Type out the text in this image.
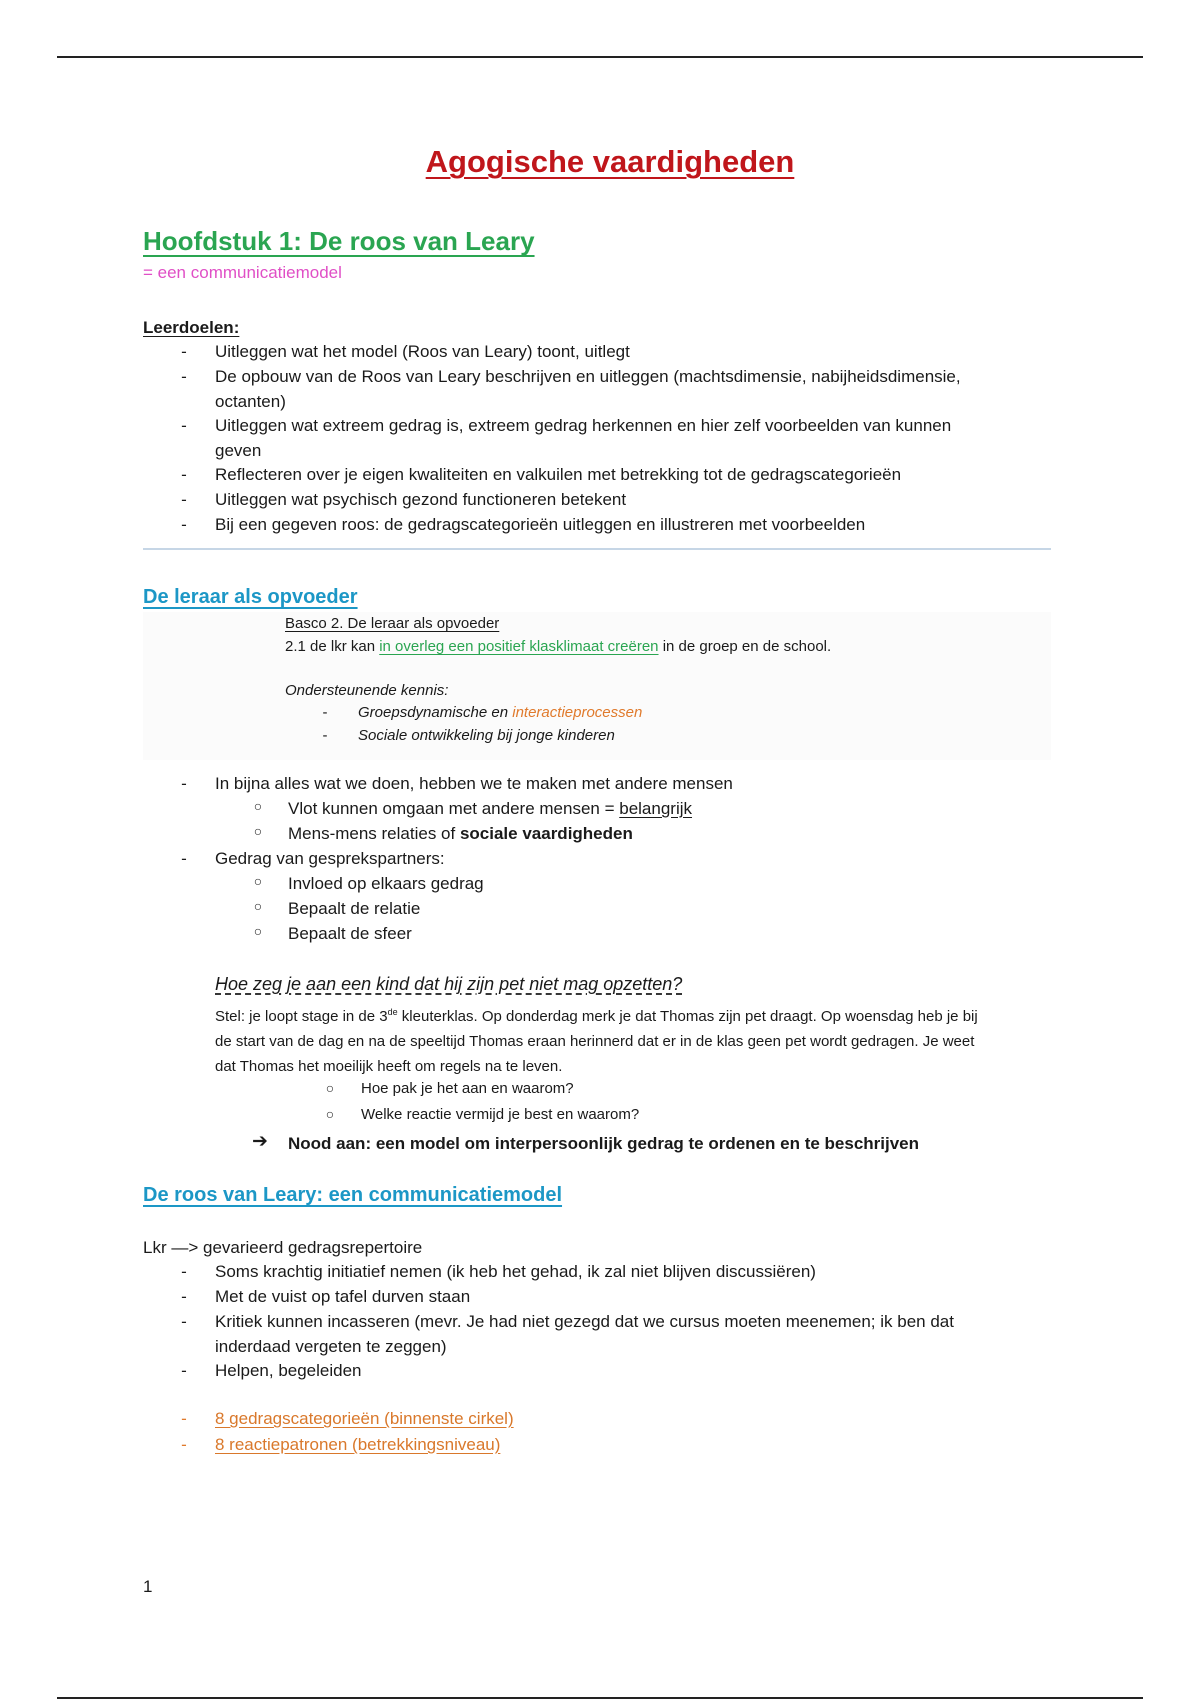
Agogische vaardigheden
Hoofdstuk 1: De roos van Leary
= een communicatiemodel
Leerdoelen:
- Uitleggen wat het model (Roos van Leary) toont, uitlegt
- De opbouw van de Roos van Leary beschrijven en uitleggen (machtsdimensie, nabijheidsdimensie,
octanten)
- Uitleggen wat extreem gedrag is, extreem gedrag herkennen en hier zelf voorbeelden van kunnen
geven
- Reflecteren over je eigen kwaliteiten en valkuilen met betrekking tot de gedragscategorieën
- Uitleggen wat psychisch gezond functioneren betekent
- Bij een gegeven roos: de gedragscategorieën uitleggen en illustreren met voorbeelden
De leraar als opvoeder
Basco 2. De leraar als opvoeder
2.1 de lkr kan in overleg een positief klasklimaat creëren in de groep en de school.
Ondersteunende kennis:
- Groepsdynamische en interactieprocessen
- Sociale ontwikkeling bij jonge kinderen
- In bijna alles wat we doen, hebben we te maken met andere mensen
○ Vlot kunnen omgaan met andere mensen = belangrijk
○ Mens-mens relaties of sociale vaardigheden
- Gedrag van gesprekspartners:
○ Invloed op elkaars gedrag
○ Bepaalt de relatie
○ Bepaalt de sfeer
Hoe zeg je aan een kind dat hij zijn pet niet mag opzetten?
Stel: je loopt stage in de 3de kleuterklas. Op donderdag merk je dat Thomas zijn pet draagt. Op woensdag heb je bij
de start van de dag en na de speeltijd Thomas eraan herinnerd dat er in de klas geen pet wordt gedragen. Je weet
dat Thomas het moeilijk heeft om regels na te leven.
○ Hoe pak je het aan en waarom?
○ Welke reactie vermijd je best en waarom?
➔ Nood aan: een model om interpersoonlijk gedrag te ordenen en te beschrijven
De roos van Leary: een communicatiemodel
Lkr —> gevarieerd gedragsrepertoire
- Soms krachtig initiatief nemen (ik heb het gehad, ik zal niet blijven discussiëren)
- Met de vuist op tafel durven staan
- Kritiek kunnen incasseren (mevr. Je had niet gezegd dat we cursus moeten meenemen; ik ben dat
inderdaad vergeten te zeggen)
- Helpen, begeleiden
- 8 gedragscategorieën (binnenste cirkel)
- 8 reactiepatronen (betrekkingsniveau)
1
